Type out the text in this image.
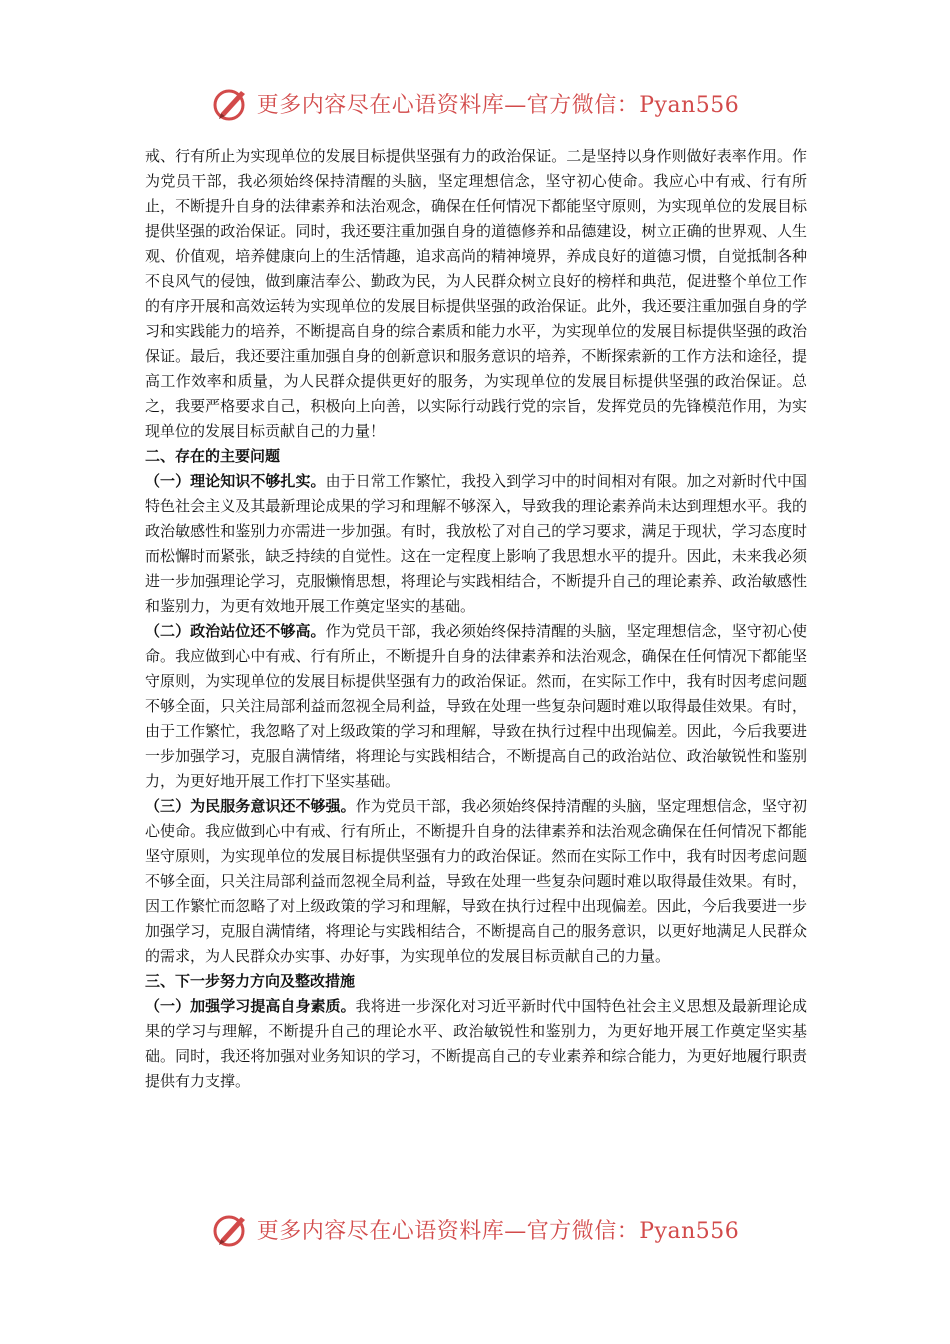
更多内容尽在心语资料库—官方微信：Pyan556

戒、行有所止为实现单位的发展目标提供坚强有力的政治保证。二是坚持以身作则做好表率作用。作为党员干部，我必须始终保持清醒的头脑，坚定理想信念，坚守初心使命。我应心中有戒、行有所止，不断提升自身的法律素养和法治观念，确保在任何情况下都能坚守原则，为实现单位的发展目标提供坚强的政治保证。同时，我还要注重加强自身的道德修养和品德建设，树立正确的世界观、人生观、价值观，培养健康向上的生活情趣，追求高尚的精神境界，养成良好的道德习惯，自觉抵制各种不良风气的侵蚀，做到廉洁奉公、勤政为民，为人民群众树立良好的榜样和典范，促进整个单位工作的有序开展和高效运转为实现单位的发展目标提供坚强的政治保证。此外，我还要注重加强自身的学习和实践能力的培养，不断提高自身的综合素质和能力水平，为实现单位的发展目标提供坚强的政治保证。最后，我还要注重加强自身的创新意识和服务意识的培养，不断探索新的工作方法和途径，提高工作效率和质量，为人民群众提供更好的服务，为实现单位的发展目标提供坚强的政治保证。总之，我要严格要求自己，积极向上向善，以实际行动践行党的宗旨，发挥党员的先锋模范作用，为实现单位的发展目标贡献自己的力量！

二、存在的主要问题

（一）理论知识不够扎实。由于日常工作繁忙，我投入到学习中的时间相对有限。加之对新时代中国特色社会主义及其最新理论成果的学习和理解不够深入，导致我的理论素养尚未达到理想水平。我的政治敏感性和鉴别力亦需进一步加强。有时，我放松了对自己的学习要求，满足于现状，学习态度时而松懈时而紧张，缺乏持续的自觉性。这在一定程度上影响了我思想水平的提升。因此，未来我必须进一步加强理论学习，克服懒惰思想，将理论与实践相结合，不断提升自己的理论素养、政治敏感性和鉴别力，为更有效地开展工作奠定坚实的基础。

（二）政治站位还不够高。作为党员干部，我必须始终保持清醒的头脑，坚定理想信念，坚守初心使命。我应做到心中有戒、行有所止，不断提升自身的法律素养和法治观念，确保在任何情况下都能坚守原则，为实现单位的发展目标提供坚强有力的政治保证。然而，在实际工作中，我有时因考虑问题不够全面，只关注局部利益而忽视全局利益，导致在处理一些复杂问题时难以取得最佳效果。有时，由于工作繁忙，我忽略了对上级政策的学习和理解，导致在执行过程中出现偏差。因此，今后我要进一步加强学习，克服自满情绪，将理论与实践相结合，不断提高自己的政治站位、政治敏锐性和鉴别力，为更好地开展工作打下坚实基础。

（三）为民服务意识还不够强。作为党员干部，我必须始终保持清醒的头脑，坚定理想信念，坚守初心使命。我应做到心中有戒、行有所止，不断提升自身的法律素养和法治观念确保在任何情况下都能坚守原则，为实现单位的发展目标提供坚强有力的政治保证。然而在实际工作中，我有时因考虑问题不够全面，只关注局部利益而忽视全局利益，导致在处理一些复杂问题时难以取得最佳效果。有时，因工作繁忙而忽略了对上级政策的学习和理解，导致在执行过程中出现偏差。因此，今后我要进一步加强学习，克服自满情绪，将理论与实践相结合，不断提高自己的服务意识，以更好地满足人民群众的需求，为人民群众办实事、办好事，为实现单位的发展目标贡献自己的力量。

三、下一步努力方向及整改措施

（一）加强学习提高自身素质。我将进一步深化对习近平新时代中国特色社会主义思想及最新理论成果的学习与理解，不断提升自己的理论水平、政治敏锐性和鉴别力，为更好地开展工作奠定坚实基础。同时，我还将加强对业务知识的学习，不断提高自己的专业素养和综合能力，为更好地履行职责提供有力支撑。

更多内容尽在心语资料库—官方微信：Pyan556
